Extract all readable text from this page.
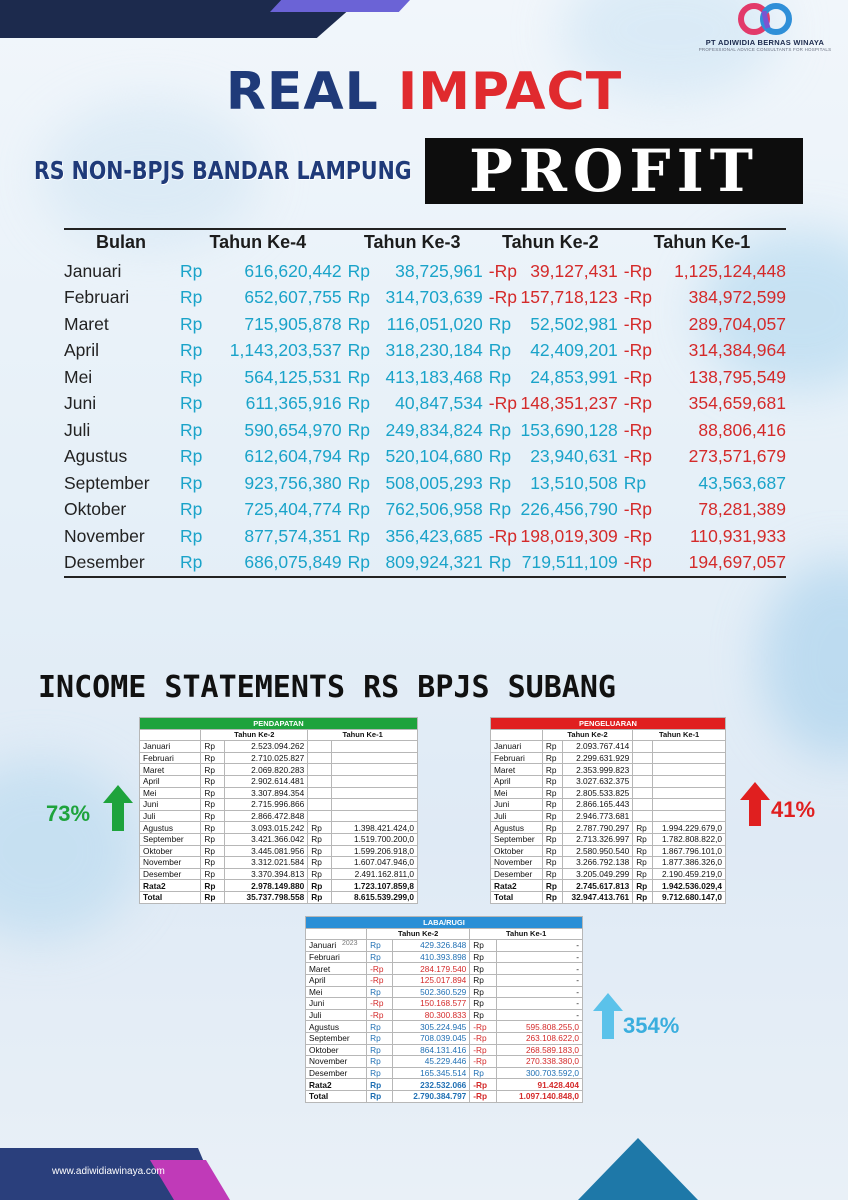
PT ADIWIDIA BERNAS WINAYA
PROFESSIONAL ADVICE CONSULTANTS FOR HOSPITALS
REAL IMPACT
RS NON-BPJS BANDAR LAMPUNG PROFIT
Bulan	Tahun Ke-4		Tahun Ke-3		Tahun Ke-2		Tahun Ke-1	
Januari	Rp	616,620,442	Rp	38,725,961	-Rp	39,127,431	-Rp	1,125,124,448
Februari	Rp	652,607,755	Rp	314,703,639	-Rp	157,718,123	-Rp	384,972,599
Maret	Rp	715,905,878	Rp	116,051,020	Rp	52,502,981	-Rp	289,704,057
April	Rp	1,143,203,537	Rp	318,230,184	Rp	42,409,201	-Rp	314,384,964
Mei	Rp	564,125,531	Rp	413,183,468	Rp	24,853,991	-Rp	138,795,549
Juni	Rp	611,365,916	Rp	40,847,534	-Rp	148,351,237	-Rp	354,659,681
Juli	Rp	590,654,970	Rp	249,834,824	Rp	153,690,128	-Rp	88,806,416
Agustus	Rp	612,604,794	Rp	520,104,680	Rp	23,940,631	-Rp	273,571,679
September	Rp	923,756,380	Rp	508,005,293	Rp	13,510,508	Rp	43,563,687
Oktober	Rp	725,404,774	Rp	762,506,958	Rp	226,456,790	-Rp	78,281,389
November	Rp	877,574,351	Rp	356,423,685	-Rp	198,019,309	-Rp	110,931,933
Desember	Rp	686,075,849	Rp	809,924,321	Rp	719,511,109	-Rp	194,697,057
INCOME STATEMENTS RS BPJS SUBANG
PENDAPATAN				
	Tahun Ke-2		Tahun Ke-1	
Januari	Rp	2.523.094.262		
Februari	Rp	2.710.025.827		
Maret	Rp	2.069.820.283		
April	Rp	2.902.614.481		
Mei	Rp	3.307.894.354		
Juni	Rp	2.715.996.866		
Juli	Rp	2.866.472.848		
Agustus	Rp	3.093.015.242	Rp	1.398.421.424,0
September	Rp	3.421.366.042	Rp	1.519.700.200,0
Oktober	Rp	3.445.081.956	Rp	1.599.206.918,0
November	Rp	3.312.021.584	Rp	1.607.047.946,0
Desember	Rp	3.370.394.813	Rp	2.491.162.811,0
Rata2	Rp	2.978.149.880	Rp	1.723.107.859,8
Total	Rp	35.737.798.558	Rp	8.615.539.299,0
PENGELUARAN				
	Tahun Ke-2		Tahun Ke-1	
Januari	Rp	2.093.767.414		
Februari	Rp	2.299.631.929		
Maret	Rp	2.353.999.823		
April	Rp	3.027.632.375		
Mei	Rp	2.805.533.825		
Juni	Rp	2.866.165.443		
Juli	Rp	2.946.773.681		
Agustus	Rp	2.787.790.297	Rp	1.994.229.679,0
September	Rp	2.713.326.997	Rp	1.782.808.822,0
Oktober	Rp	2.580.950.540	Rp	1.867.796.101,0
November	Rp	3.266.792.138	Rp	1.877.386.326,0
Desember	Rp	3.205.049.299	Rp	2.190.459.219,0
Rata2	Rp	2.745.617.813	Rp	1.942.536.029,4
Total	Rp	32.947.413.761	Rp	9.712.680.147,0
LABA/RUGI				
	Tahun Ke-2		Tahun Ke-1	
Januari 2023	Rp	429.326.848	Rp	-
Februari	Rp	410.393.898	Rp	-
Maret	-Rp	284.179.540	Rp	-
April	-Rp	125.017.894	Rp	-
Mei	Rp	502.360.529	Rp	-
Juni	-Rp	150.168.577	Rp	-
Juli	-Rp	80.300.833	Rp	-
Agustus	Rp	305.224.945	-Rp	595.808.255,0
September	Rp	708.039.045	-Rp	263.108.622,0
Oktober	Rp	864.131.416	-Rp	268.589.183,0
November	Rp	45.229.446	-Rp	270.338.380,0
Desember	Rp	165.345.514	Rp	300.703.592,0
Rata2	Rp	232.532.066	-Rp	91.428.404
Total	Rp	2.790.384.797	-Rp	1.097.140.848,0
73%	41%
354%
www.adiwidiawinaya.com
